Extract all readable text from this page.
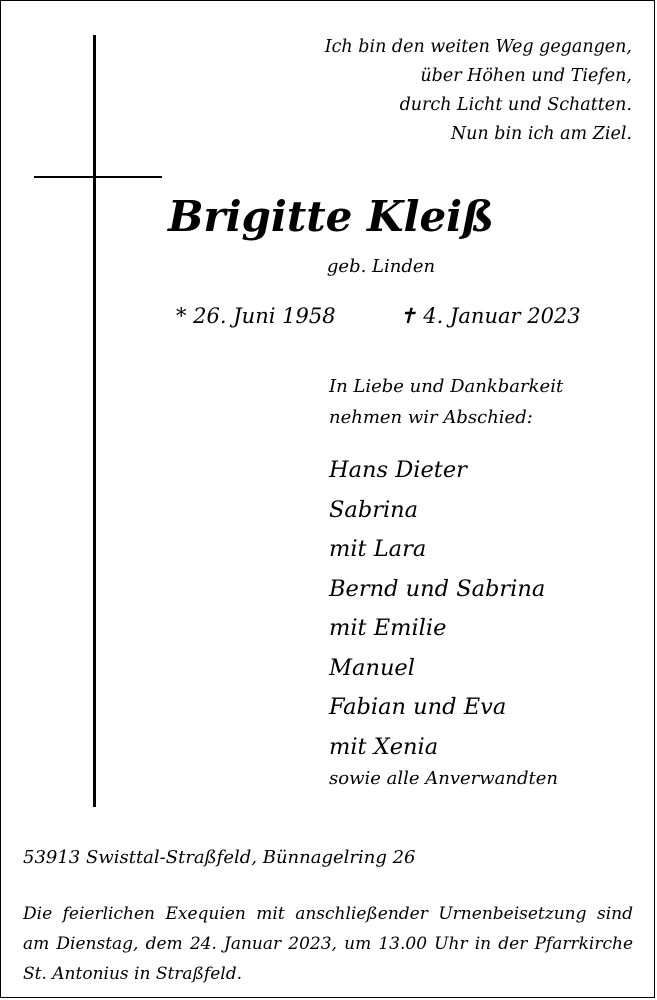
Ich bin den weiten Weg gegangen,
über Höhen und Tiefen,
durch Licht und Schatten.
Nun bin ich am Ziel.
Brigitte Kleiß
geb. Linden
* 26. Juni 1958	✝ 4. Januar 2023
In Liebe und Dankbarkeit
nehmen wir Abschied:
Hans Dieter
Sabrina
mit Lara
Bernd und Sabrina
mit Emilie
Manuel
Fabian und Eva
mit Xenia
sowie alle Anverwandten
53913 Swisttal-Straßfeld, Bünnagelring 26
Die feierlichen Exequien mit anschließender Urnenbeisetzung sind am Dienstag, dem 24. Januar 2023, um 13.00 Uhr in der Pfarrkirche St. Antonius in Straßfeld.
